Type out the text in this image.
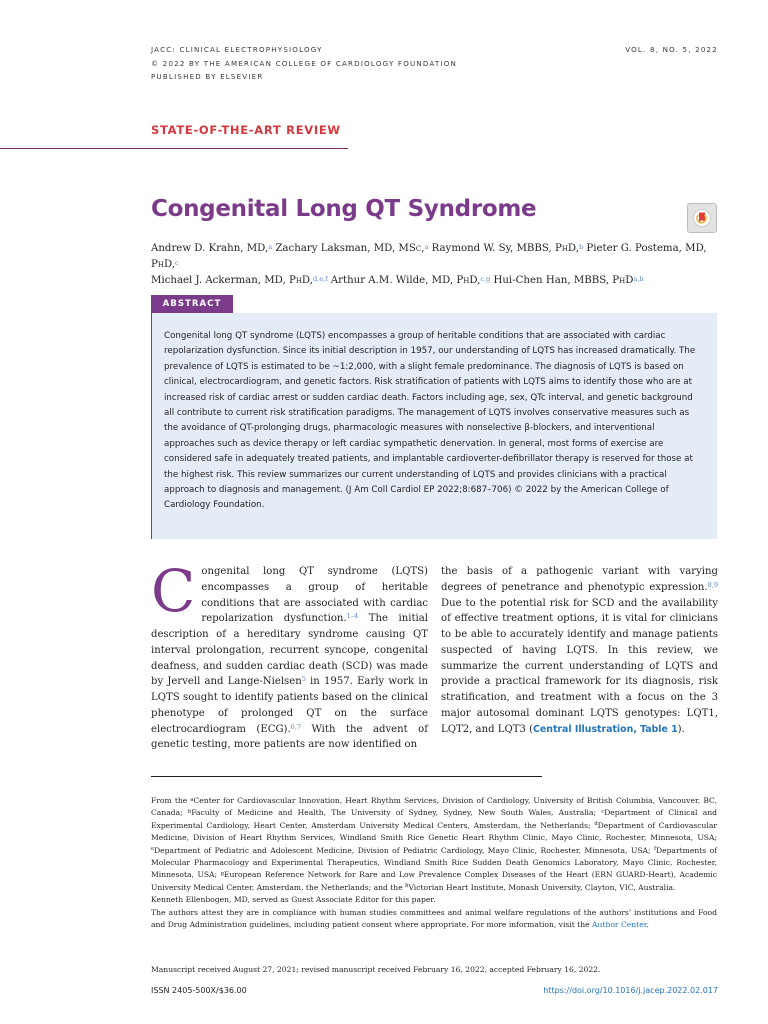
JACC: CLINICAL ELECTROPHYSIOLOGY
© 2022 BY THE AMERICAN COLLEGE OF CARDIOLOGY FOUNDATION
PUBLISHED BY ELSEVIER
VOL. 8, NO. 5, 2022
STATE-OF-THE-ART REVIEW
Congenital Long QT Syndrome
Andrew D. Krahn, MD,$^a$ Zachary Laksman, MD, MSc,$^a$ Raymond W. Sy, MBBS, PhD,$^b$ Pieter G. Postema, MD, PhD,$^c$
Michael J. Ackerman, MD, PhD,$^{d,e,f}$ Arthur A.M. Wilde, MD, PhD,$^{c,g}$ Hui-Chen Han, MBBS, PhD$^{a,h}$
ABSTRACT

Congenital long QT syndrome (LQTS) encompasses a group of heritable conditions that are associated with cardiac repolarization dysfunction. Since its initial description in 1957, our understanding of LQTS has increased dramatically. The prevalence of LQTS is estimated to be ~1:2,000, with a slight female predominance. The diagnosis of LQTS is based on clinical, electrocardiogram, and genetic factors. Risk stratification of patients with LQTS aims to identify those who are at increased risk of cardiac arrest or sudden cardiac death. Factors including age, sex, QTc interval, and genetic background all contribute to current risk stratification paradigms. The management of LQTS involves conservative measures such as the avoidance of QT-prolonging drugs, pharmacologic measures with nonselective β-blockers, and interventional approaches such as device therapy or left cardiac sympathetic denervation. In general, most forms of exercise are considered safe in adequately treated patients, and implantable cardioverter-defibrillator therapy is reserved for those at the highest risk. This review summarizes our current understanding of LQTS and provides clinicians with a practical approach to diagnosis and management. (J Am Coll Cardiol EP 2022;8:687–706) © 2022 by the American College of Cardiology Foundation.

Congenital long QT syndrome (LQTS) encompasses a group of heritable conditions that are associated with cardiac repolarization dysfunction.$^{1-4}$ The initial description of a hereditary syndrome causing QT interval prolongation, recurrent syncope, congenital deafness, and sudden cardiac death (SCD) was made by Jervell and Lange-Nielsen$^5$ in 1957. Early work in LQTS sought to identify patients based on the clinical phenotype of prolonged QT on the surface electrocardiogram (ECG).$^{6,7}$ With the advent of genetic testing, more patients are now identified on

the basis of a pathogenic variant with varying degrees of penetrance and phenotypic expression.$^{8,9}$ Due to the potential risk for SCD and the availability of effective treatment options, it is vital for clinicians to be able to accurately identify and manage patients suspected of having LQTS. In this review, we summarize the current understanding of LQTS and provide a practical framework for its diagnosis, risk stratification, and treatment with a focus on the 3 major autosomal dominant LQTS genotypes: LQT1, LQT2, and LQT3 (Central Illustration, Table 1).

From the $^a$Center for Cardiovascular Innovation, Heart Rhythm Services, Division of Cardiology, University of British Columbia, Vancouver, BC, Canada; $^b$Faculty of Medicine and Health, The University of Sydney, Sydney, New South Wales, Australia; $^c$Department of Clinical and Experimental Cardiology, Heart Center, Amsterdam University Medical Centers, Amsterdam, the Netherlands; $^d$Department of Cardiovascular Medicine, Division of Heart Rhythm Services, Windland Smith Rice Genetic Heart Rhythm Clinic, Mayo Clinic, Rochester, Minnesota, USA; $^e$Department of Pediatric and Adolescent Medicine, Division of Pediatric Cardiology, Mayo Clinic, Rochester, Minnesota, USA; $^f$Departments of Molecular Pharmacology and Experimental Therapeutics, Windland Smith Rice Sudden Death Genomics Laboratory, Mayo Clinic, Rochester, Minnesota, USA; $^g$European Reference Network for Rare and Low Prevalence Complex Diseases of the Heart (ERN GUARD-Heart), Academic University Medical Center, Amsterdam, the Netherlands; and the $^h$Victorian Heart Institute, Monash University, Clayton, VIC, Australia.
Kenneth Ellenbogen, MD, served as Guest Associate Editor for this paper.
The authors attest they are in compliance with human studies committees and animal welfare regulations of the authors' institutions and Food and Drug Administration guidelines, including patient consent where appropriate. For more information, visit the Author Center.

Manuscript received August 27, 2021; revised manuscript received February 16, 2022, accepted February 16, 2022.

ISSN 2405-500X/$36.00	https://doi.org/10.1016/j.jacep.2022.02.017
